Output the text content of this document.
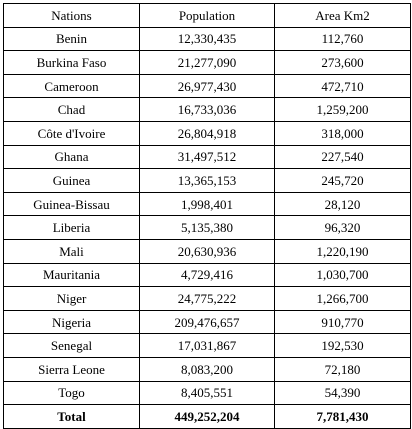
Nations	Population	Area Km2
Benin	12,330,435	112,760
Burkina Faso	21,277,090	273,600
Cameroon	26,977,430	472,710
Chad	16,733,036	1,259,200
Côte d'Ivoire	26,804,918	318,000
Ghana	31,497,512	227,540
Guinea	13,365,153	245,720
Guinea-Bissau	1,998,401	28,120
Liberia	5,135,380	96,320
Mali	20,630,936	1,220,190
Mauritania	4,729,416	1,030,700
Niger	24,775,222	1,266,700
Nigeria	209,476,657	910,770
Senegal	17,031,867	192,530
Sierra Leone	8,083,200	72,180
Togo	8,405,551	54,390
Total	449,252,204	7,781,430
